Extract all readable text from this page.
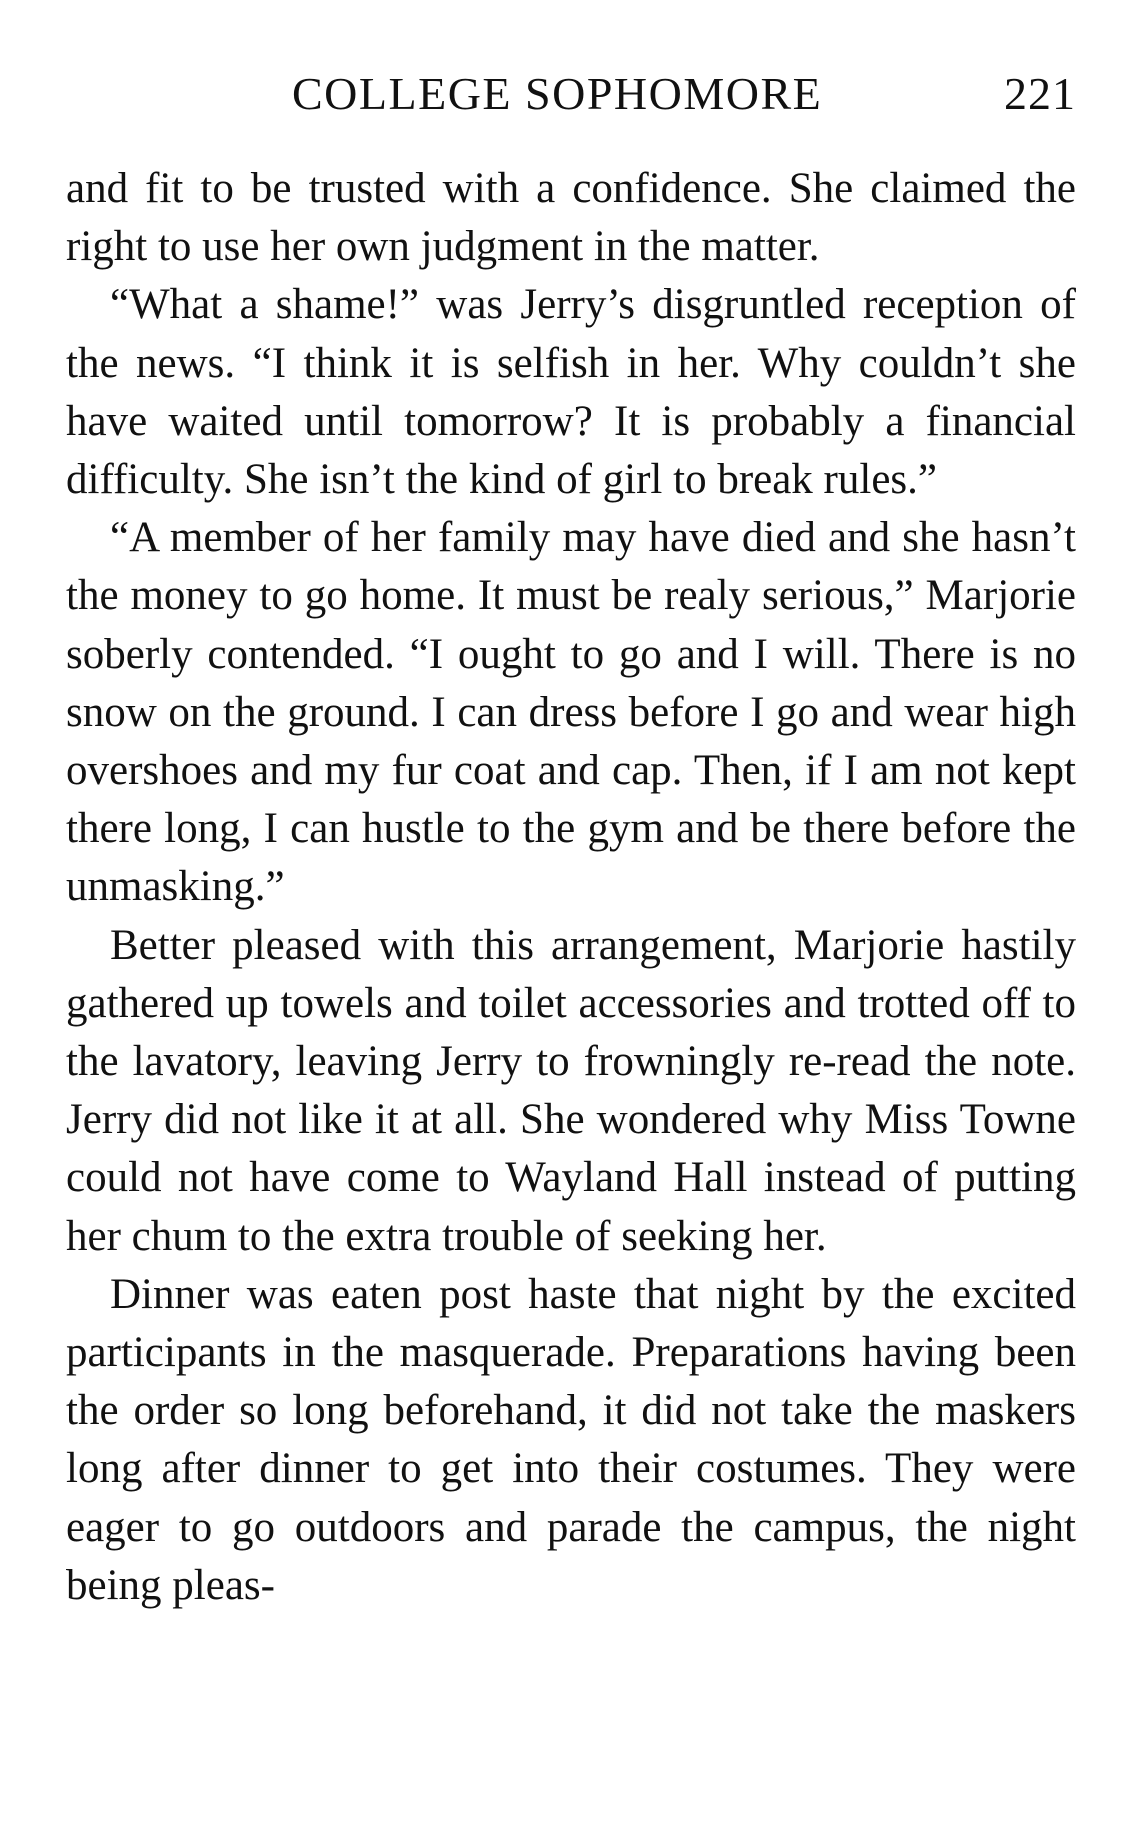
COLLEGE SOPHOMORE	221

and fit to be trusted with a confidence. She claimed the right to use her own judgment in the matter.

“What a shame!” was Jerry’s disgruntled reception of the news. “I think it is selfish in her. Why couldn’t she have waited until tomorrow? It is probably a financial difficulty. She isn’t the kind of girl to break rules.”

“A member of her family may have died and she hasn’t the money to go home. It must be realy serious,” Marjorie soberly contended. “I ought to go and I will. There is no snow on the ground. I can dress before I go and wear high overshoes and my fur coat and cap. Then, if I am not kept there long, I can hustle to the gym and be there before the unmasking.”

Better pleased with this arrangement, Marjorie hastily gathered up towels and toilet accessories and trotted off to the lavatory, leaving Jerry to frowningly re-read the note. Jerry did not like it at all. She wondered why Miss Towne could not have come to Wayland Hall instead of putting her chum to the extra trouble of seeking her.

Dinner was eaten post haste that night by the excited participants in the masquerade. Preparations having been the order so long beforehand, it did not take the maskers long after dinner to get into their costumes. They were eager to go outdoors and parade the campus, the night being pleas-
